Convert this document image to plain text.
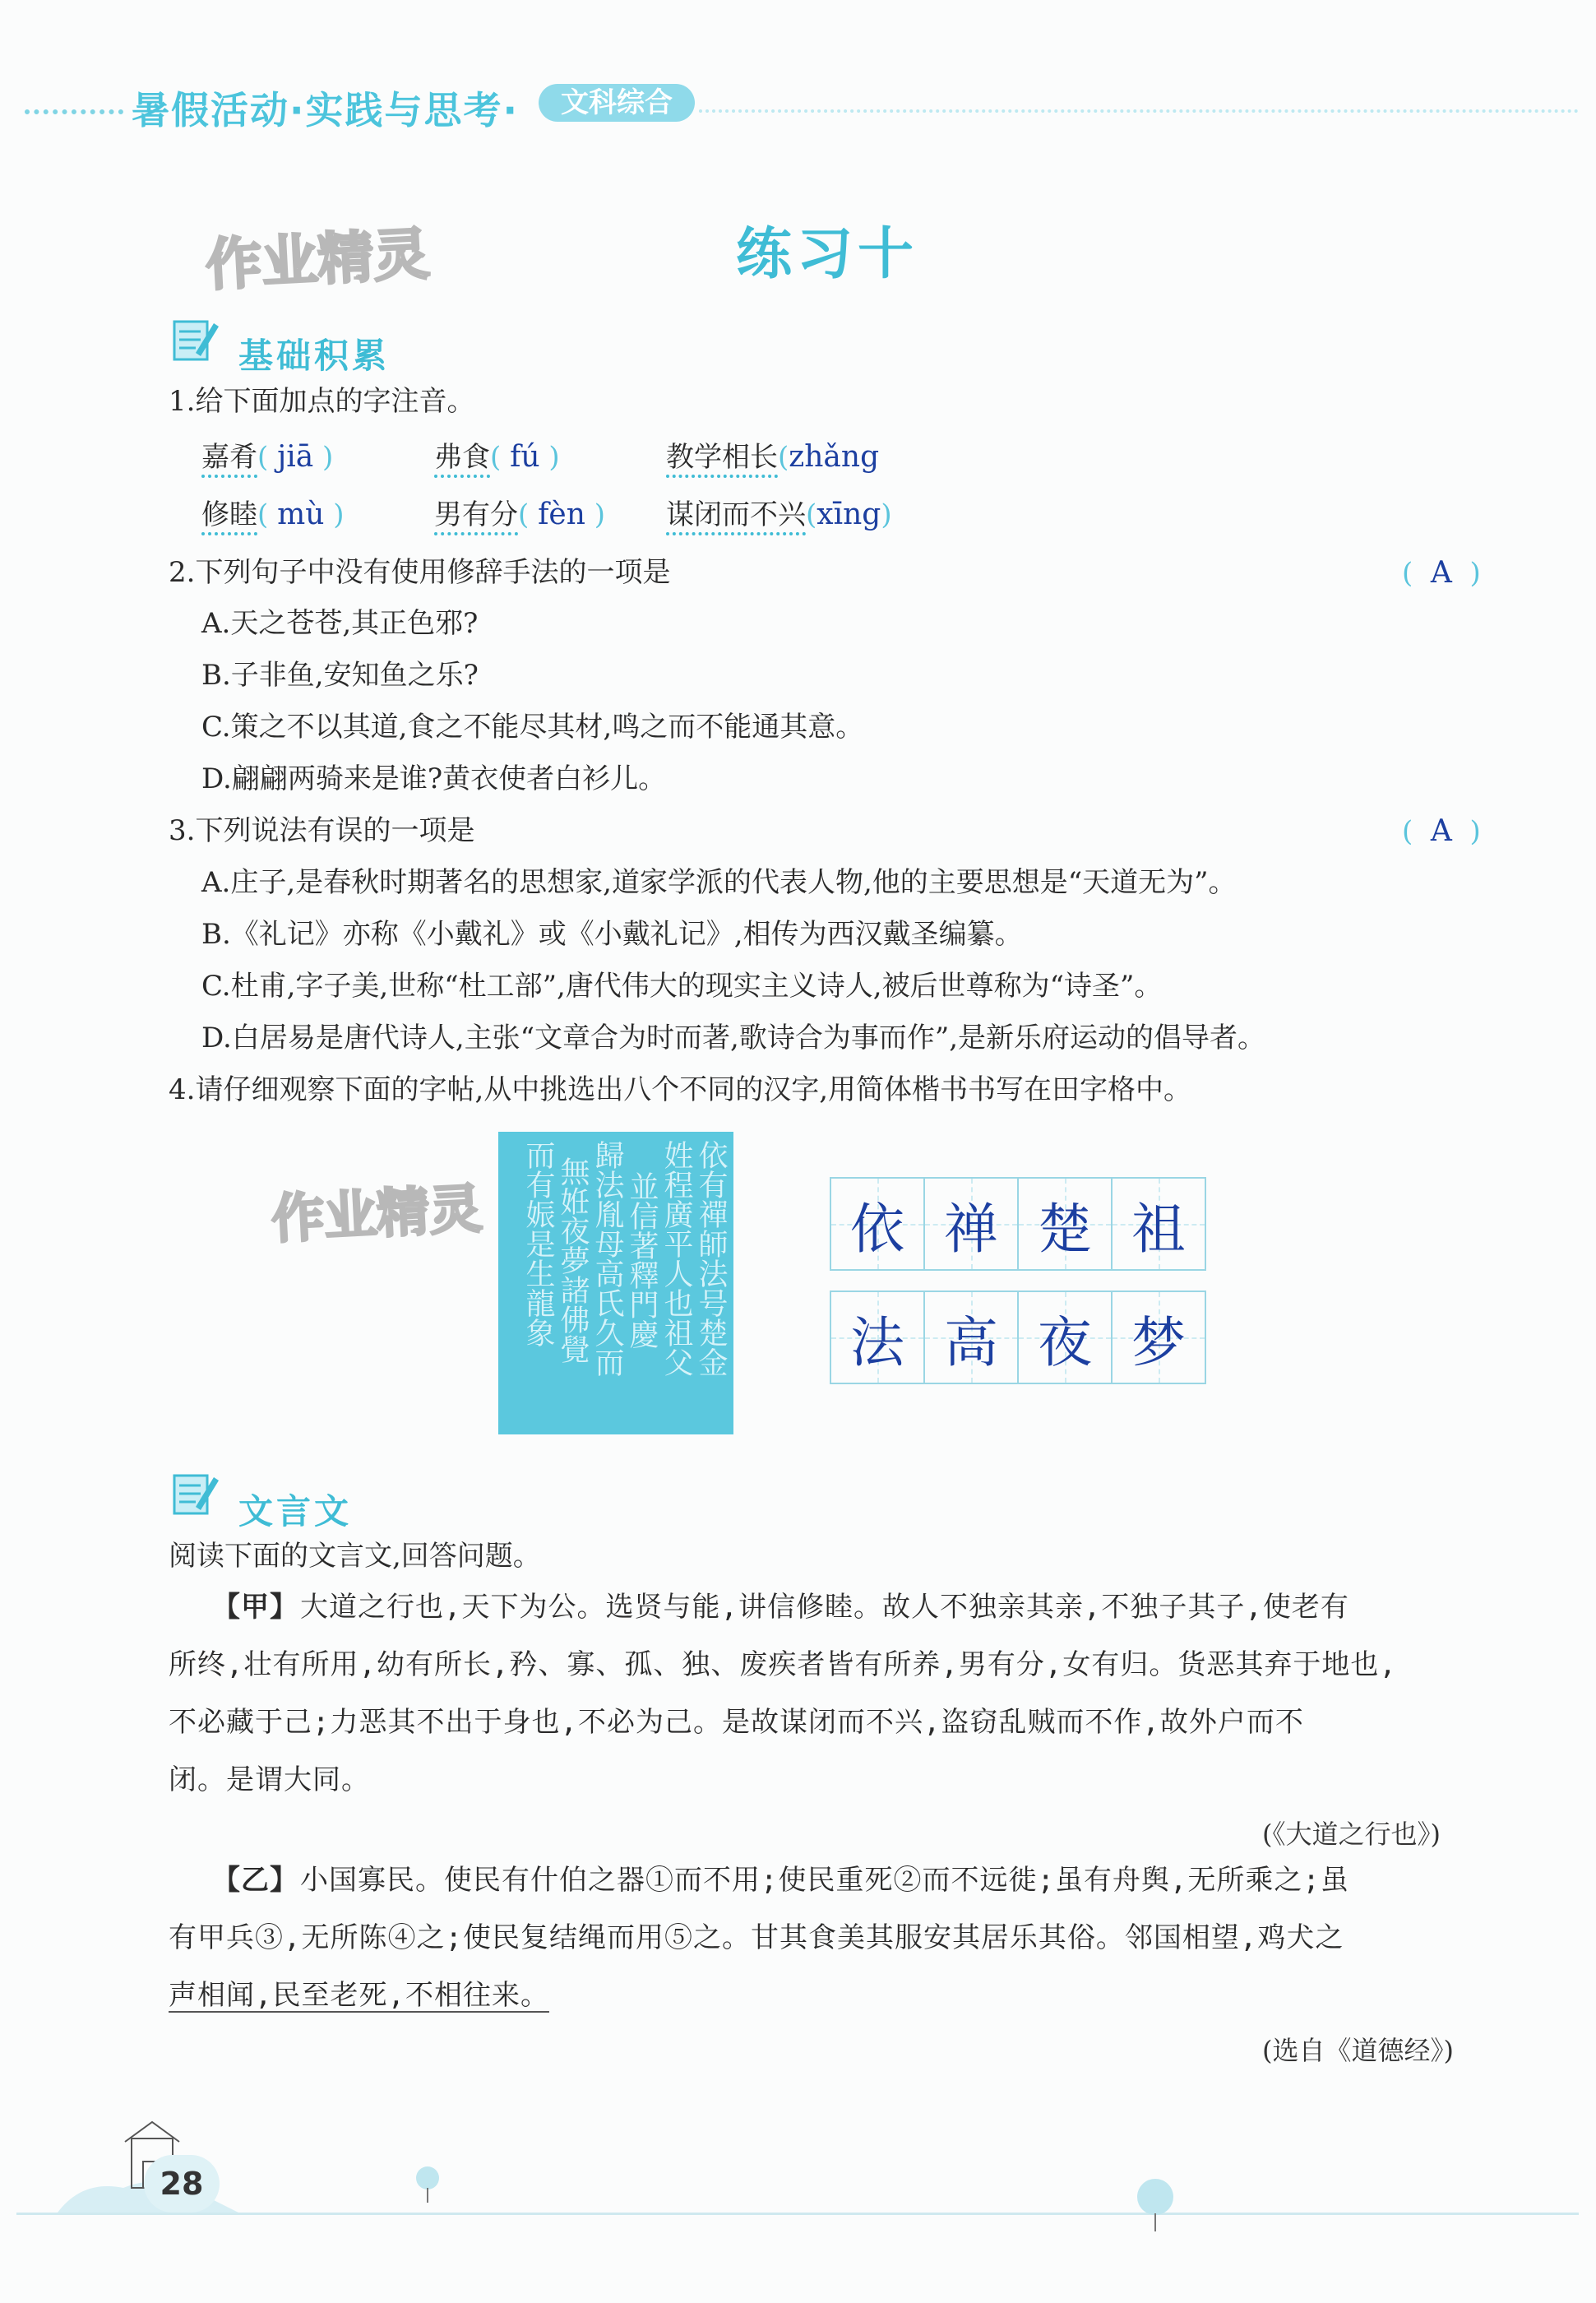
暑假活动·实践与思考·	文科综合
作业精灵	练习十
基础积累
1.给下面加点的字注音。
嘉肴( jiā )	弗食( fú )	教学相长(zhǎng
修睦( mù )	男有分( fèn ) 谋闭而不兴(xīng)
2.下列句子中没有使用修辞手法的一项是	(  A  )
A.天之苍苍,其正色邪?
B.子非鱼,安知鱼之乐?
C.策之不以其道,食之不能尽其材,鸣之而不能通其意。
D.翩翩两骑来是谁?黄衣使者白衫儿。
3.下列说法有误的一项是	(  A  )
A.庄子,是春秋时期著名的思想家,道家学派的代表人物,他的主要思想是“天道无为”。
B.《礼记》亦称《小戴礼》或《小戴礼记》,相传为西汉戴圣编纂。
C.杜甫,字子美,世称“杜工部”,唐代伟大的现实主义诗人,被后世尊称为“诗圣”。
D.白居易是唐代诗人,主张“文章合为时而著,歌诗合为事而作”,是新乐府运动的倡导者。
4.请仔细观察下面的字帖,从中挑选出八个不同的汉字,用简体楷书书写在田字格中。
作业精灵	依有禪師法号楚金
姓程廣平人也祖父
並信著釋門慶
歸法胤母高氏久而
無姙夜夢諸佛覺
而有娠是生龍象	依 禅 楚 祖
法 高 夜 梦
文言文
阅读下面的文言文,回答问题。
【甲】 大道之行也,天下为公。选贤与能,讲信修睦。故人不独亲其亲,不独子其子,使老有
所终,壮有所用,幼有所长,矜、寡、孤、独、废疾者皆有所养,男有分,女有归。货恶其弃于地也,
不必藏于己;力恶其不出于身也,不必为己。是故谋闭而不兴,盗窃乱贼而不作,故外户而不
闭。是谓大同。
(《大道之行也》)
【乙】 小国寡民。使民有什伯之器①而不用;使民重死②而不远徙;虽有舟舆,无所乘之;虽
有甲兵③,无所陈④之;使民复结绳而用⑤之。甘其食美其服安其居乐其俗。邻国相望,鸡犬之
声相闻,民至老死,不相往来。
(选自《道德经》)
28
